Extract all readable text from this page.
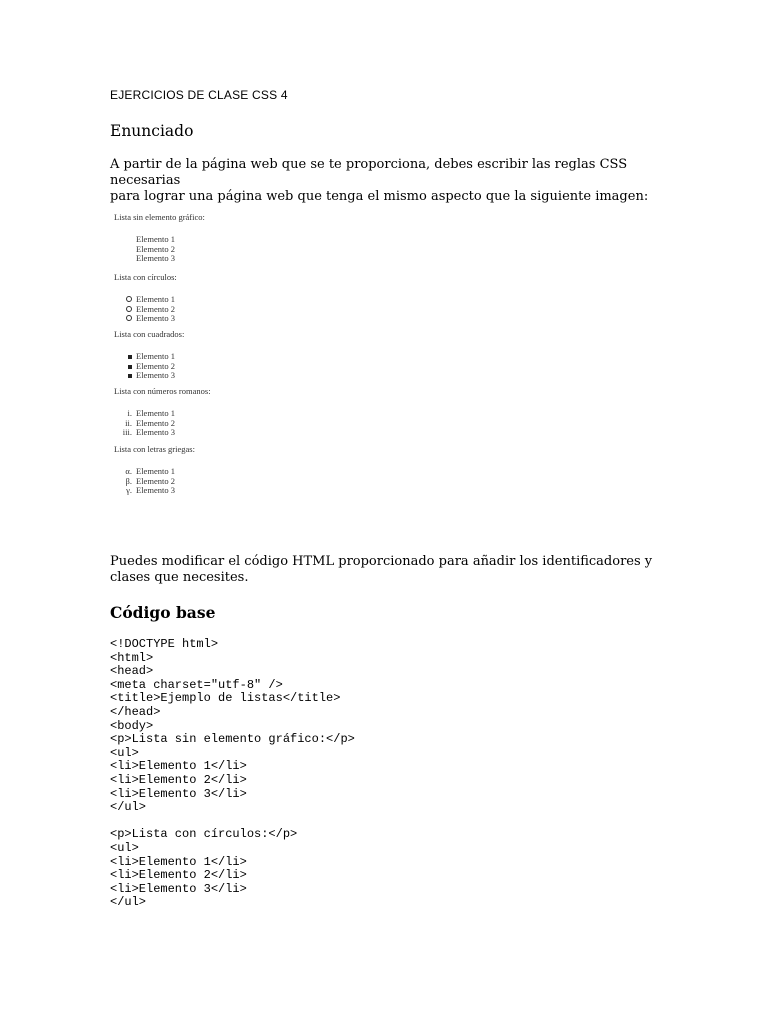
EJERCICIOS DE CLASE CSS 4
Enunciado
A partir de la página web que se te proporciona, debes escribir las reglas CSS necesarias
para lograr una página web que tenga el mismo aspecto que la siguiente imagen:
Puedes modificar el código HTML proporcionado para añadir los identificadores y
clases que necesites.
Código base
<!DOCTYPE html>
<html>
<head>
<meta charset="utf-8" />
<title>Ejemplo de listas</title>
</head>
<body>
<p>Lista sin elemento gráfico:</p>
<ul>
<li>Elemento 1</li>
<li>Elemento 2</li>
<li>Elemento 3</li>
</ul>
<p>Lista con círculos:</p>
<ul>
<li>Elemento 1</li>
<li>Elemento 2</li>
<li>Elemento 3</li>
</ul>
Lista sin elemento gráfico:
Elemento 1
Elemento 2
Elemento 3
Lista con círculos:
Elemento 1
Elemento 2
Elemento 3
Lista con cuadrados:
Elemento 1
Elemento 2
Elemento 3
Lista con números romanos:
i. Elemento 1
ii. Elemento 2
iii. Elemento 3
Lista con letras griegas:
α. Elemento 1
β. Elemento 2
γ. Elemento 3
